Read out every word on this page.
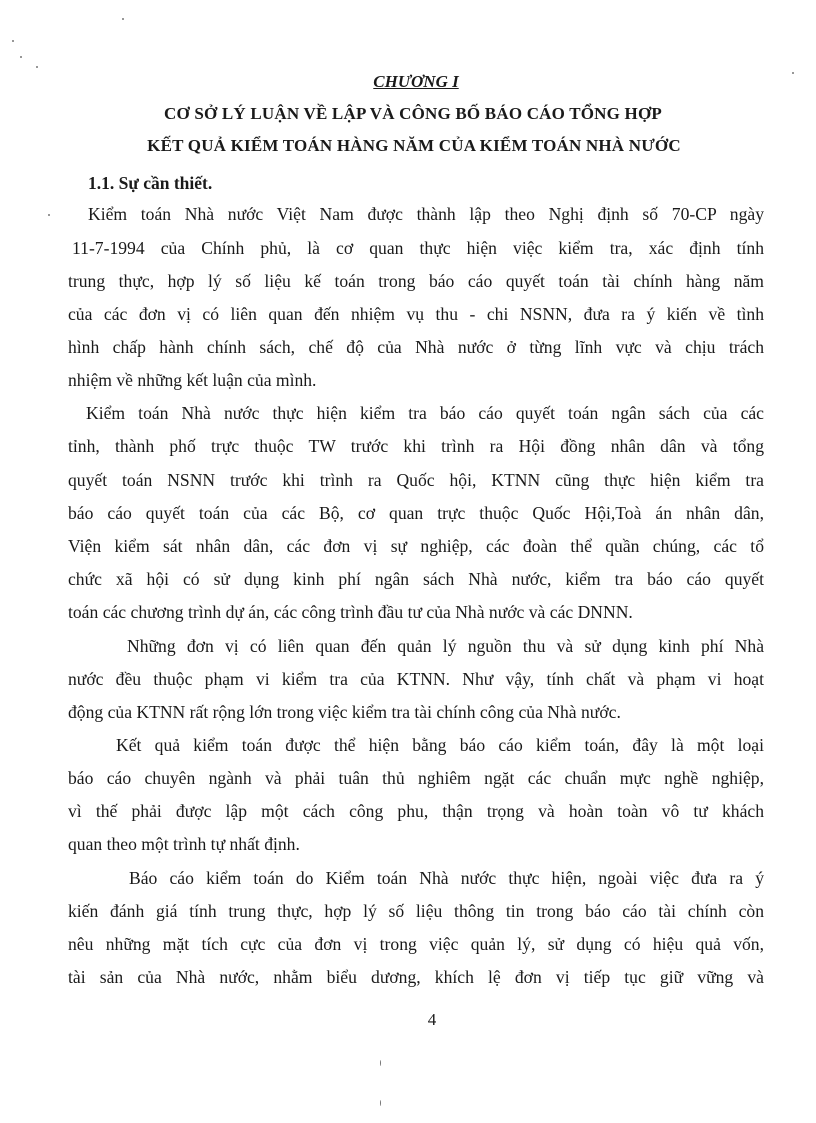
CHƯƠNG I
CƠ SỞ LÝ LUẬN VỀ LẬP VÀ CÔNG BỐ BÁO CÁO TỔNG HỢP
KẾT QUẢ KIỂM TOÁN HÀNG NĂM CỦA KIỂM TOÁN NHÀ NƯỚC
1.1. Sự cần thiết.
Kiểm toán Nhà nước Việt Nam được thành lập theo Nghị định số 70-CP ngày
11-7-1994 của Chính phủ, là cơ quan thực hiện việc kiểm tra, xác định tính
trung thực, hợp lý số liệu kế toán trong báo cáo quyết toán tài chính hàng năm
của các đơn vị có liên quan đến nhiệm vụ thu - chi NSNN, đưa ra ý kiến về tình
hình chấp hành chính sách, chế độ của Nhà nước ở từng lĩnh vực và chịu trách
nhiệm về những kết luận của mình.
Kiểm toán Nhà nước thực hiện kiểm tra báo cáo quyết toán ngân sách của các
tỉnh, thành phố trực thuộc TW trước khi trình ra Hội đồng nhân dân và tổng
quyết toán NSNN trước khi trình ra Quốc hội, KTNN cũng thực hiện kiểm tra
báo cáo quyết toán của các Bộ, cơ quan trực thuộc Quốc Hội,Toà án nhân dân,
Viện kiểm sát nhân dân, các đơn vị sự nghiệp, các đoàn thể quần chúng, các tổ
chức xã hội có sử dụng kinh phí ngân sách Nhà nước, kiểm tra báo cáo quyết
toán các chương trình dự án, các công trình đầu tư của Nhà nước và các DNNN.
Những đơn vị có liên quan đến quản lý nguồn thu và sử dụng kinh phí Nhà
nước đều thuộc phạm vi kiểm tra của KTNN. Như vậy, tính chất và phạm vi hoạt
động của KTNN rất rộng lớn trong việc kiểm tra tài chính công của Nhà nước.
Kết quả kiểm toán được thể hiện bằng báo cáo kiểm toán, đây là một loại
báo cáo chuyên ngành và phải tuân thủ nghiêm ngặt các chuẩn mực nghề nghiệp,
vì thế phải được lập một cách công phu, thận trọng và hoàn toàn vô tư khách
quan theo một trình tự nhất định.
Báo cáo kiểm toán do Kiểm toán Nhà nước thực hiện, ngoài việc đưa ra ý
kiến đánh giá tính trung thực, hợp lý số liệu thông tin trong báo cáo tài chính còn
nêu những mặt tích cực của đơn vị trong việc quản lý, sử dụng có hiệu quả vốn,
tài sản của Nhà nước, nhằm biểu dương, khích lệ đơn vị tiếp tục giữ vững và
4
